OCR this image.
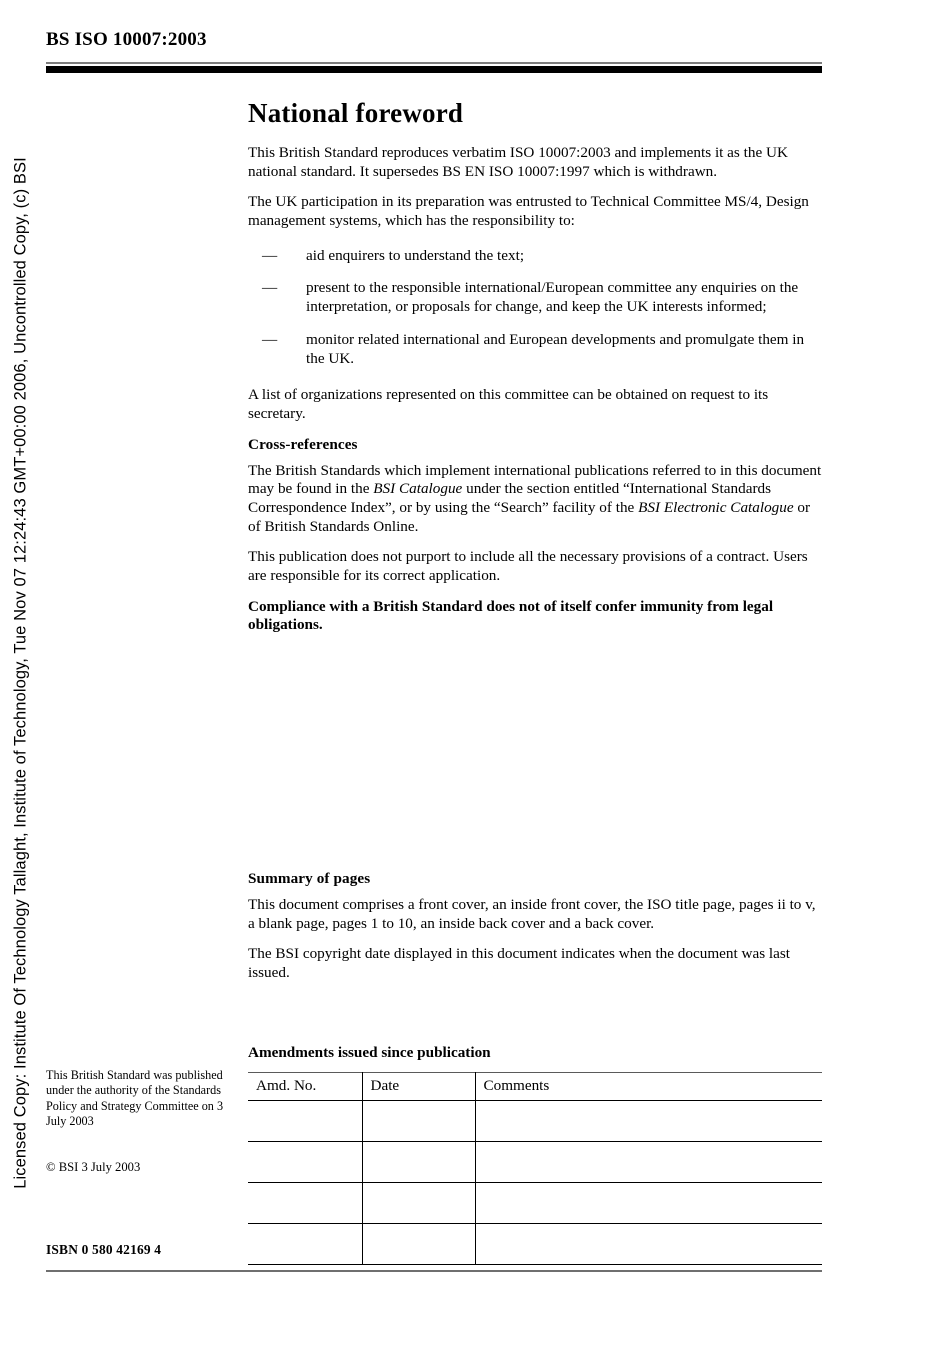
Licensed Copy: Institute Of Technology Tallaght, Institute of Technology, Tue Nov 07 12:24:43 GMT+00:00 2006, Uncontrolled Copy, (c) BSI
BS ISO 10007:2003
National foreword

This British Standard reproduces verbatim ISO 10007:2003 and implements it as the UK national standard. It supersedes BS EN ISO 10007:1997 which is withdrawn.

The UK participation in its preparation was entrusted to Technical Committee MS/4, Design management systems, which has the responsibility to:

— aid enquirers to understand the text;
— present to the responsible international/European committee any enquiries on the interpretation, or proposals for change, and keep the UK interests informed;
— monitor related international and European developments and promulgate them in the UK.

A list of organizations represented on this committee can be obtained on request to its secretary.

Cross-references

The British Standards which implement international publications referred to in this document may be found in the BSI Catalogue under the section entitled “International Standards Correspondence Index”, or by using the “Search” facility of the BSI Electronic Catalogue or of British Standards Online.

This publication does not purport to include all the necessary provisions of a contract. Users are responsible for its correct application.

Compliance with a British Standard does not of itself confer immunity from legal obligations.

Summary of pages

This document comprises a front cover, an inside front cover, the ISO title page, pages ii to v, a blank page, pages 1 to 10, an inside back cover and a back cover.

The BSI copyright date displayed in this document indicates when the document was last issued.

Amendments issued since publication
Amd. No.	Date	Comments

This British Standard was published under the authority of the Standards Policy and Strategy Committee on 3 July 2003
© BSI 3 July 2003
ISBN 0 580 42169 4
